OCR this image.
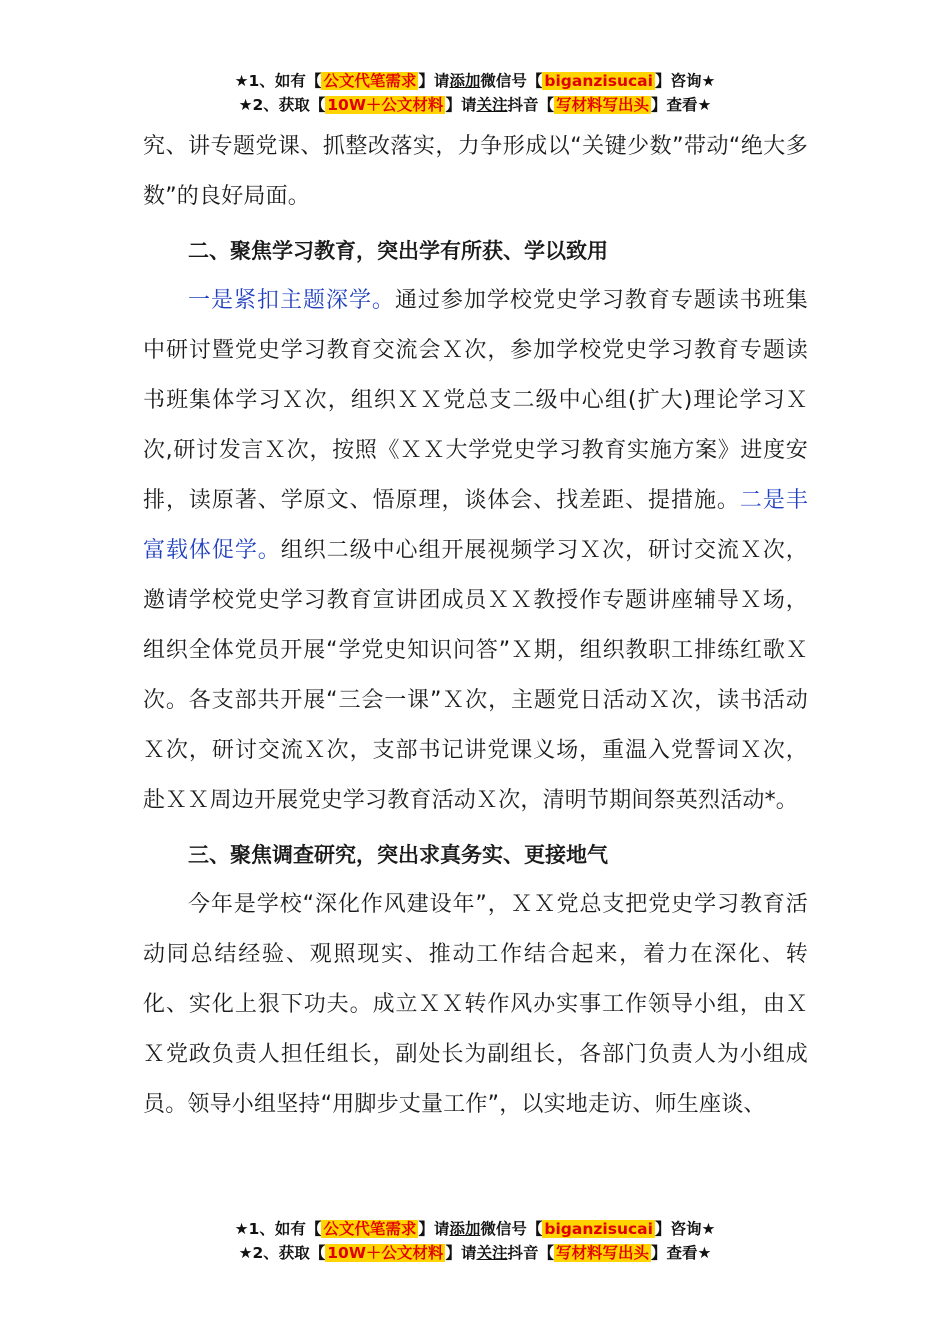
★1、如有【 公文代笔需求 】请添加微信号【 biganzisucai 】咨询★
★2、获取【 10W＋公文材料 】请关注抖音【 写材料写出头 】查看★

究、讲专题党课、抓整改落实，力争形成以“关键少数”带动“绝大多数”的良好局面。

二、聚焦学习教育，突出学有所获、学以致用

一是紧扣主题深学。通过参加学校党史学习教育专题读书班集中研讨暨党史学习教育交流会Ｘ次，参加学校党史学习教育专题读书班集体学习Ｘ次，组织ＸＸ党总支二级中心组(扩大)理论学习Ｘ次,研讨发言Ｘ次，按照《ＸＸ大学党史学习教育实施方案》进度安排，读原著、学原文、悟原理，谈体会、找差距、提措施。二是丰富载体促学。组织二级中心组开展视频学习Ｘ次，研讨交流Ｘ次，邀请学校党史学习教育宣讲团成员ＸＸ教授作专题讲座辅导Ｘ场，组织全体党员开展“学党史知识问答”Ｘ期，组织教职工排练红歌Ｘ次。各支部共开展“三会一课”Ｘ次，主题党日活动Ｘ次，读书活动Ｘ次，研讨交流Ｘ次，支部书记讲党课义场，重温入党誓词Ｘ次，赴ＸＸ周边开展党史学习教育活动Ｘ次，清明节期间祭英烈活动*。

三、聚焦调查研究，突出求真务实、更接地气

今年是学校“深化作风建设年”，ＸＸ党总支把党史学习教育活动同总结经验、观照现实、推动工作结合起来，着力在深化、转化、实化上狠下功夫。成立ＸＸ转作风办实事工作领导小组，由ＸＸ党政负责人担任组长，副处长为副组长，各部门负责人为小组成员。领导小组坚持“用脚步丈量工作”，以实地走访、师生座谈、

★1、如有【 公文代笔需求 】请添加微信号【 biganzisucai 】咨询★
★2、获取【 10W＋公文材料 】请关注抖音【 写材料写出头 】查看★
